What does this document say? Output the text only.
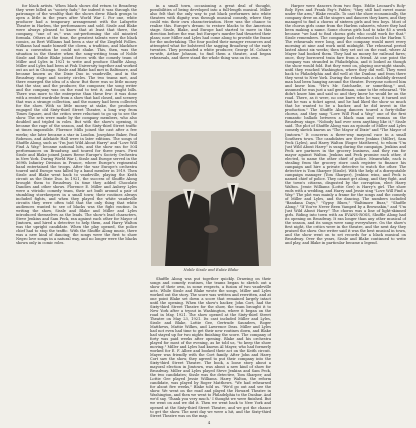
for black artists. When black shows did return to Broadway they were billed as "society fads;" for indeed it was through the patronage of the wealthy that the shows drew. Black groups to open a little in the years after World War I. For one, white producer had a temporary arrangement with the Lafayette Theatre in Harlem, the performances and sold. Sissle and Blake were always pleased to know that at least that there, the company, "one of us," was out-performing the old minstrel formula. Others at the time, the greatest talents were the black comics, as Bert Williams had been a star of the Ziegfeld Follies. Williams had made himself the clown, a tradition, and blackface was a convention he could not shake. This, then, was the situation in the theatre when the song-writing team of Noble Sissle and Eubie Blake joined forces with the comedy team of Miller and Lyles in 1921 to write and produce Shuffle Along. Miller and Lyles had been at Fisk University together and worked out an act in Chicago. Sissle and Blake had met in Baltimore, and became known as the Dixie Duo in vaudeville, and in the Broadway stage and society circles. The two teams met, and there emerged the idea of a show. But there was so little money that the star, and the producer, the composer, the song writer and the company was on the road to test it, and fought bills. There was more to the enterprise than these few: it was done with a rented wardrobe from a show that had closed, and scenery that was a strange collection, and the money had been collected for the show. With so little money at stake, the producers engaged the old Sixty-third Street Theatre, a long way from Times Square, and the critics were reluctant to go up to see the show. The sets were made by the company members, who also doubled and tripled in roles. But with the show's opening, it became the rage of the season, and the Sixty-third Street traffic at times impossible. Florence Mills joined the cast after a few weeks; she later became a star in London. Josephine Baker, Paul Robeson, and Adelaide Hall were in later editions. The songs of Shuffle Along, such as "I'm Just Wild About Harry" and "Love Will Find A Way," became national hits, and the show ran for 504 performances on Broadway, and toured for three years. First Sissle and Blake joined James Reese Europe's Society Orchestra in New York. During World War I, Sissle and Europe served in the 369th Infantry Division in France, where Europe's regimental band entertained the troops. After the war Europe's orchestra toured until Europe was killed by a band member in 1919. Then Sissle and Blake went back to vaudeville, playing the Keith circuit as the Dixie Duo. In 1921, the success of Shuffle Along brought them to Broadway. In time they added Chocolate Dandies and other shows. Florence E. Miller and Aubrey Lyles were a vitriolic comedy team, their act built around a pair of stumbling storekeepers in a small town; their routines always included fights, and when they played the white vaudeville circuits they were often told that the only thing that white audiences wanted to see of blacks was the fight routine. In writing the show, Sissle and Blake and Miller and Lyles introduced themselves as the leads. The show's lead characters, Steve Jenkins and Sam Peck, ran against each other for Mayor of Jimtown, and hired a detective to help them, and Harry Walton was the upright candidate. When the play opened, the police chief had to stop the traffic. With the Shuffle Along music, there was a new kind of dancing; the songs were the first to show Negro love songs in a natural way, and no longer were the blacks shown only in comic roles.

in a small town, occasioning a great deal of thought, possibilities of being developed into a full-length musical. Miller also felt that the only way to put black performers into white theatres with dignity was through musical comedy, where they could win their own characterization. Here was the chance to realize this. Europe's dream: to restore blacks to the American stage. Sissle, Blake, and Europe had started to move in this direction before the war, but Europe's murder had thwarted their plans; now Miller and Lyles had come along to provide the frame for the undertaking. The four pooled their meager resources and attempted what for bolstered the sagging Broadway of the early twenties. They persuaded a white producer, George M. Cohan's ex-wife, Arthur Johnson, to find them a theatre, and began rehearsals, and there stand the whole thing was on its own.

Noble Sissle and Eubie Blake

Shuffle Along was put together quickly. Drawing on their songs and comedy routines, the teams began to sketch out a show of their own, in some respects, a fusion of two vaudeville acts. While Sissle and Blake wrote the songs, Miller and Lyles worked out the story. The score was written and rewritten, and at one point Blake set down a score that remained largely intact until the opening. When the show's backer, John Cort, had the Sixty-third Street Theatre for the show, the team brought it to New York after a tryout in Washington, where it began on the road in May, 1921. The show opened at the Sixty-third Street Theatre on May 23, 1921. Its cast included Miller and Lyles, Sissle and Blake, Lottie Gee, Gertrude Saunders, Roger Matthews, Mattie Wilkes, and Lawrence Deas. Miller and Lyles had not even had time to get their new routines down, and Blake had stayed up for two nights finishing the score. The company of forty was paid weeks after opening. Blake and his orchestra played for most of the evening, as he told us, "to keep the show moving." Miller and Lyles had known Al Mayer, who had formerly worked for E. F. Albee and booked their act on the Keith circuit. Mayer was friendly with the Cort family. After John and Harry Cort saw the show, they agreed to put their company into the Sixty-third Street Theatre. The book, a loose story about a mayoral election in Jimtown, was about a new kind of show for Broadway. Miller and Lyles played Steve Jenkins and Sam Peck, the two candidates; Sissle was the detective, Tom Sharper; and Lottie Gee played Jessie Williams. Harry Walton, the reform candidate, was played by Roger Matthews. "We had rehearsed for about five weeks," Blake told us. "We'd go out and see the show. We went on the road and played the Howard Theatre in Washington, and then we went to Philadelphia to the Dunbar. And we'd say, 'Thank you very much.' I thought we were finished. But we went on and we did it. Then we went back to New York and opened at the Sixty-third Street Theatre, and we got the chance to get the show. The next day we were a hit, and the Sixty-third Street Theatre was on the map.

Harper were dancers from two flops. Eddie Leonard's Roly-Boly Eyes and Frank Fay's Fables; "they still had sweet music under the arm," Blake recalls. To cast the show economically, the company drew on all the singers and dancers they knew, and they managed to find a chorus of sixteen girls and two boys. Most of the chorus girls came from the Harlem cabarets, where they had been making a name. Some chorus girls had to take $5 a week because "we had to find chorus girls who could work for that." Sissle remembers. The company had rehearsed in the Harlem Y. The rehearsals were long, and the company would meet every morning at nine and work until midnight. The rehearsal period lasted about six weeks; then they set out on the road, where Al Mayer had booked them. They had no money for railroad fares; once, they borrowed train fare from a friend. At one point the company was stranded in Philadelphia, and it looked as though the show would fold. But they went on, playing one-night stands, until they reached Washington, where they did well. They went back to Philadelphia and did well at the Dunbar, and from there they went to New York. During the rehearsals a chubbily dressed man had been hanging around the theatre. Everyone noticed him and knew him. "He's Mr. Gatchaelie, or something," and, assumed he was just a sad gentleman, came to the rehearsal. "He didn't know him and said so and they knew he would be on the road. There, as it were, no one knew who he was; it turned out that he was a ticket agent, and he had liked the show so much that he wanted to be a backer, and he did invest in the production." The Shuffle Along dancers toured a forty-dollar chorus, and they sang "Love Will Find a Way," one of the first romantic ballads between a black man and woman on the Broadway stage. "Nobody had ever seen anything like it," Sissle said. The plot of Shuffle Along was an episode of Miller and Lyles comedy sketch known as "The Mayor of Dixie" and "The Mayor of Jimtown." It concerns a three-way mayoral race in a small Southern town. The candidates are Steve Jenkins (Miller), Sam Peck (Lyles), and Harry Walton (Roger Matthews), to whom "I'm Just Wild About Harry" is sung during the campaign. Jenkins and Peck are partners in the grocery business, and they run for mayor against Walton. Jenkins and Peck promise each other, if elected, to name the other chief of police. Meanwhile, each is stealing from the grocery store cash register to finance his campaign and hire a private detective to watch the other. The detective is Tom Sharper (Sissle). With the help of a disreputable campaign manager (Tom Sharper), Jenkins wins, and Peck is named chief of police. They cannot get along, and they fight, and the town's citizens, disgusted by the corruption, elect Harry Walton. Jessie Williams (Lottie Gee) is Harry's girl. The show ends with a wedding, and Harry and Jessie sing "Love Will Find a Way." The plot was mainly a frame for the songs and the comedy of Miller and Lyles, and the dancing. The numbers included "Bandana Days," "Gypsy Blues," "Baltimore Buzz," "Shuffle Along," "If You've Never Been Vamped by a Brownskin," and "I'm Just Wild About Harry." The chorus was a line of light-skinned girls. Riding into town with an EVANS-ROSS, Shuffle Along had its opening on Broadway. It ran longer than any other musical of the season, and its songs were sung everywhere. On the show's first night, the critics were in the theatre, and the next day they praised the show. One writer said it was the best musical in town, and the show went on to set records for a black musical on Broadway. Over the years, Sissle and Blake continued to write and play, and Blake in particular became a legend.

4
